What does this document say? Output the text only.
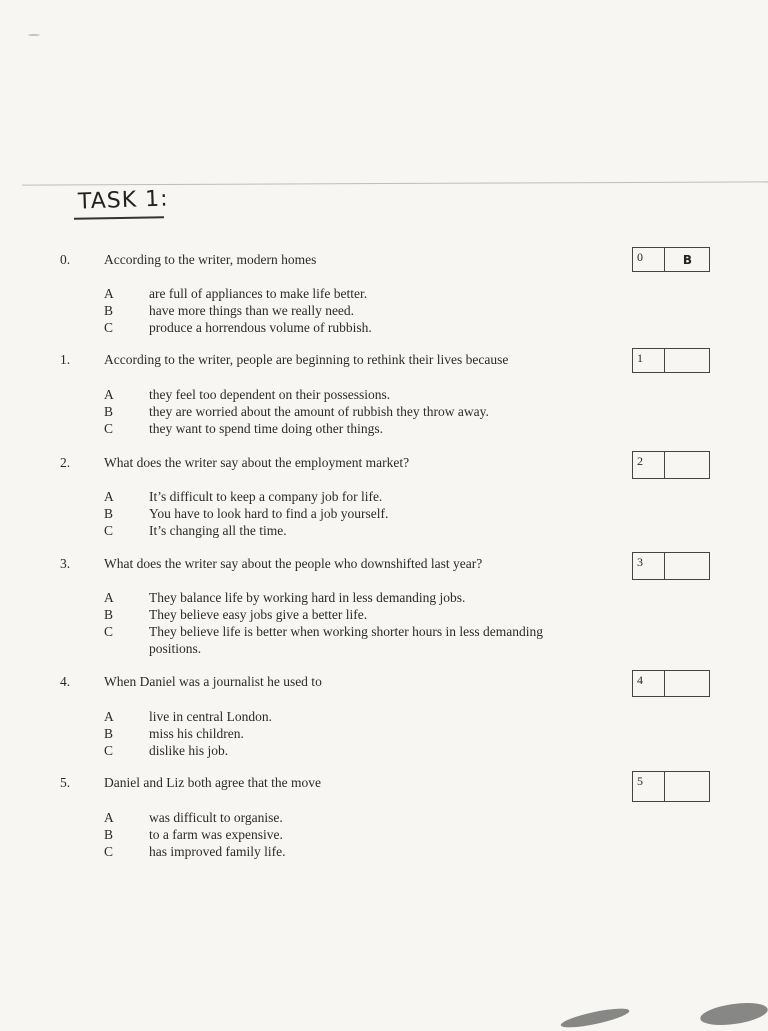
TASK 1:
0.	According to the writer, modern homes	0	B
A	are full of appliances to make life better.
B	have more things than we really need.
C	produce a horrendous volume of rubbish.
1.	According to the writer, people are beginning to rethink their lives because	1
A	they feel too dependent on their possessions.
B	they are worried about the amount of rubbish they throw away.
C	they want to spend time doing other things.
2.	What does the writer say about the employment market?	2
A	It’s difficult to keep a company job for life.
B	You have to look hard to find a job yourself.
C	It’s changing all the time.
3.	What does the writer say about the people who downshifted last year?	3
A	They balance life by working hard in less demanding jobs.
B	They believe easy jobs give a better life.
C	They believe life is better when working shorter hours in less demanding positions.
4.	When Daniel was a journalist he used to	4
A	live in central London.
B	miss his children.
C	dislike his job.
5.	Daniel and Liz both agree that the move	5
A	was difficult to organise.
B	to a farm was expensive.
C	has improved family life.
